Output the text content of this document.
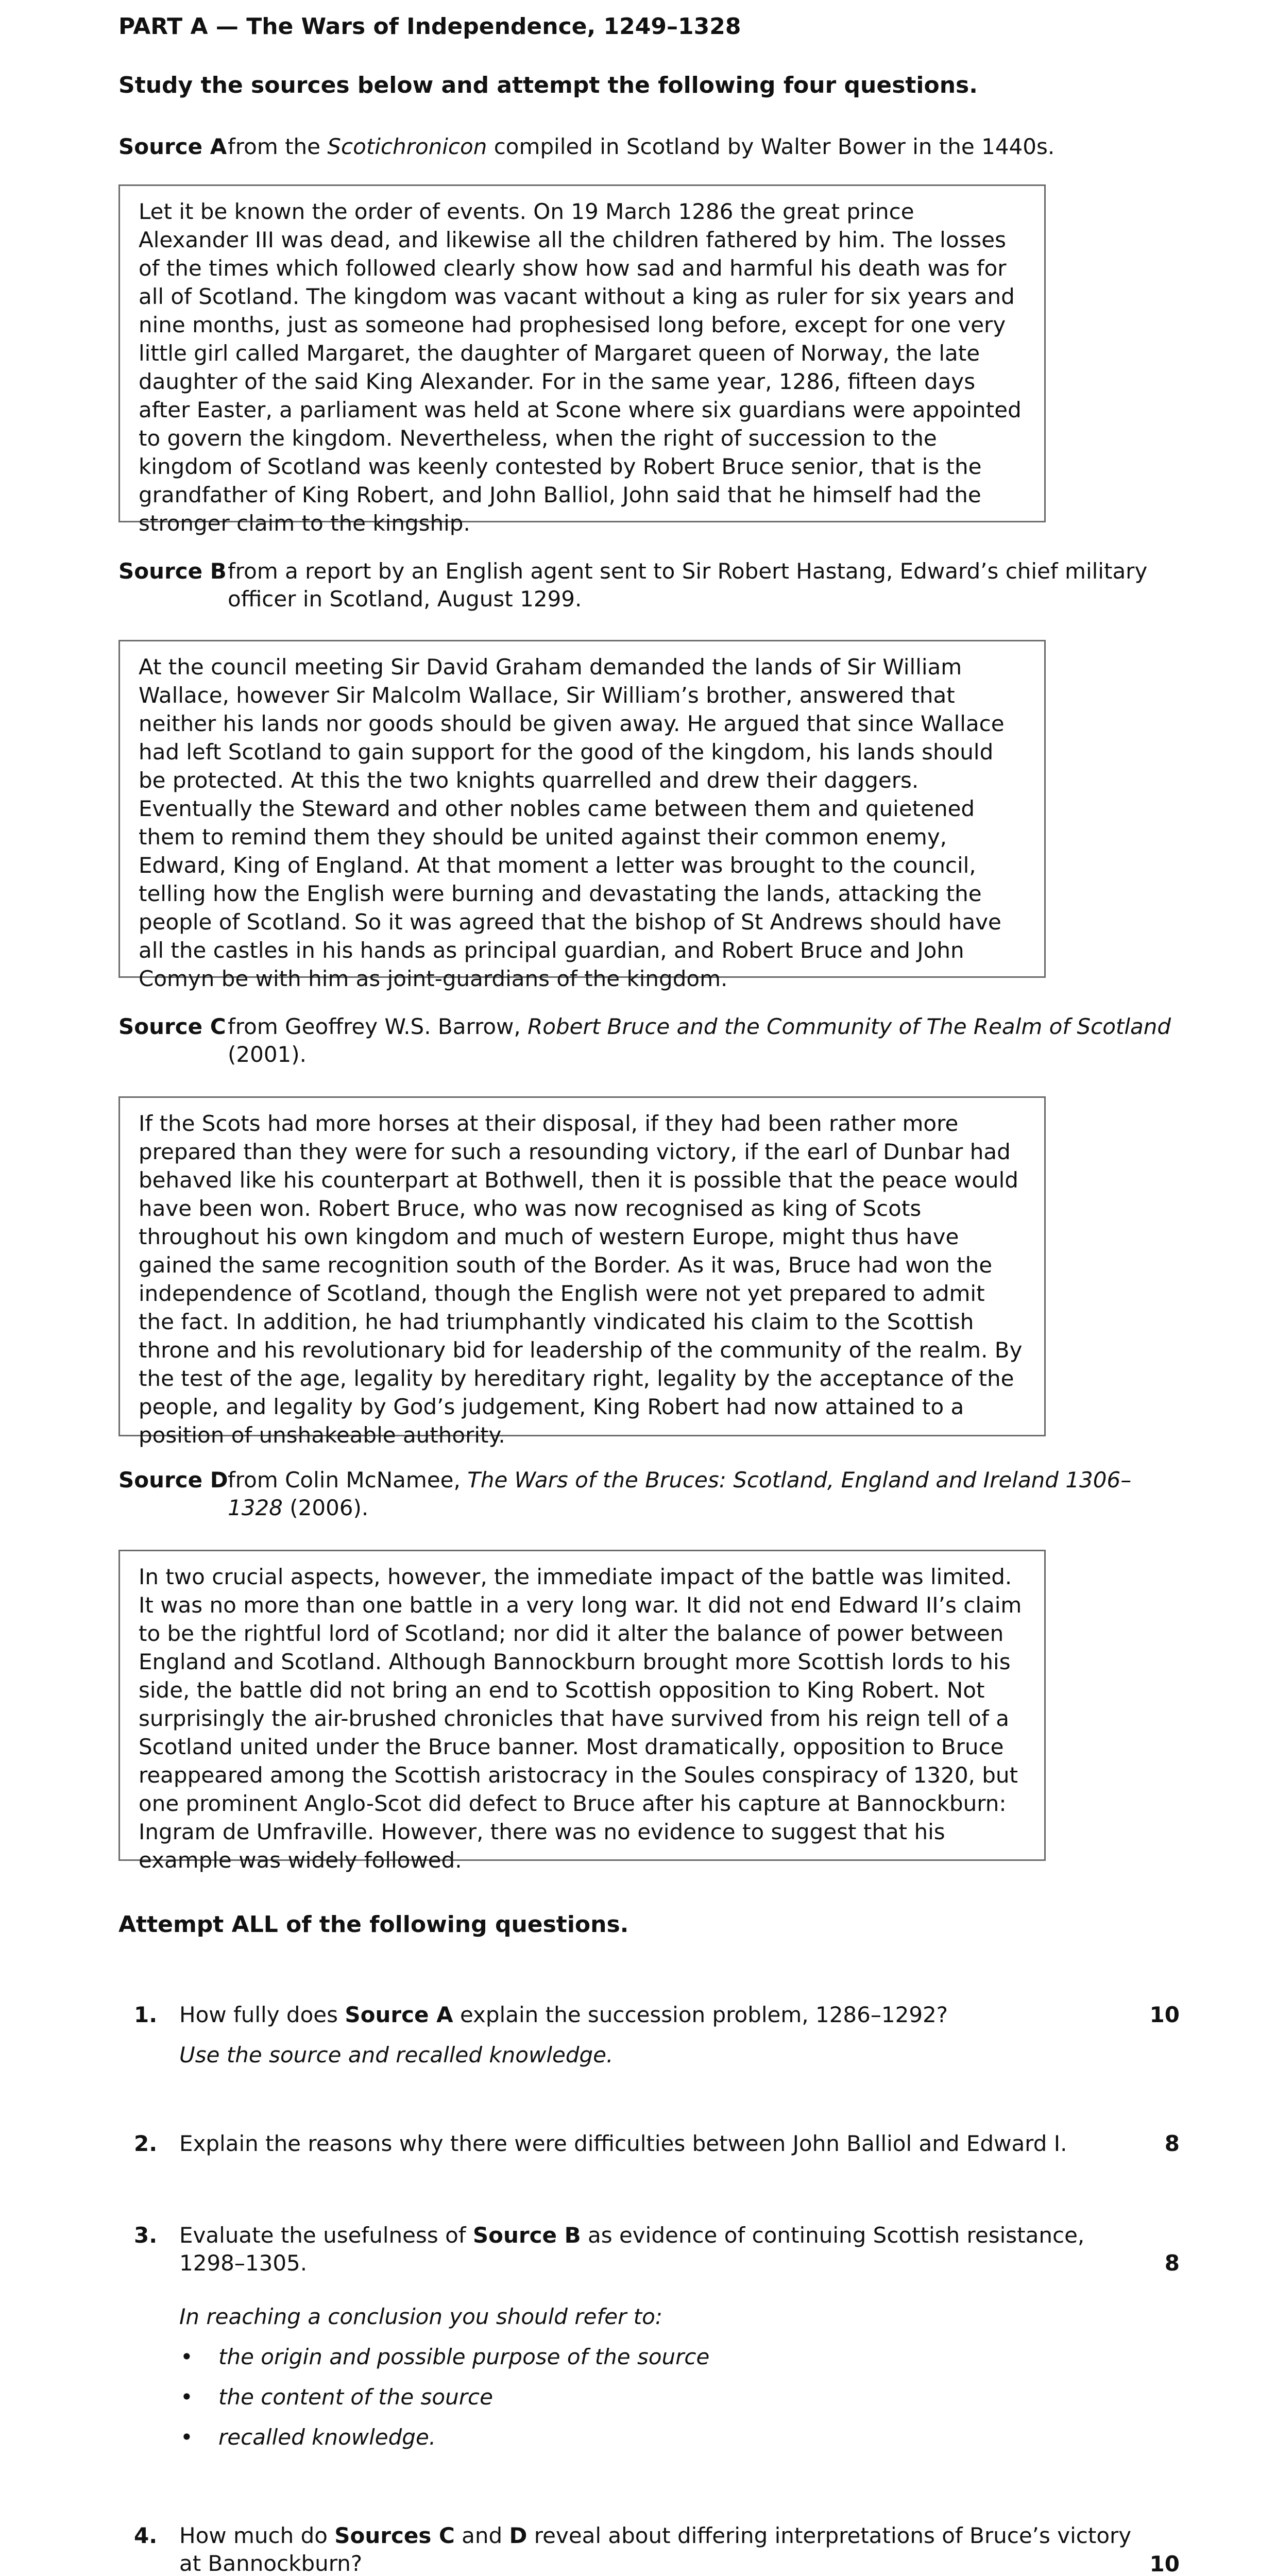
PART A — The Wars of Independence, 1249–1328
Study the sources below and attempt the following four questions.
Source A from the Scotichronicon compiled in Scotland by Walter Bower in the 1440s.
Let it be known the order of events. On 19 March 1286 the great prince Alexander III was dead, and likewise all the children fathered by him. The losses of the times which followed clearly show how sad and harmful his death was for all of Scotland. The kingdom was vacant without a king as ruler for six years and nine months, just as someone had prophesised long before, except for one very little girl called Margaret, the daughter of Margaret queen of Norway, the late daughter of the said King Alexander. For in the same year, 1286, fifteen days after Easter, a parliament was held at Scone where six guardians were appointed to govern the kingdom. Nevertheless, when the right of succession to the kingdom of Scotland was keenly contested by Robert Bruce senior, that is the grandfather of King Robert, and John Balliol, John said that he himself had the stronger claim to the kingship.
Source B from a report by an English agent sent to Sir Robert Hastang, Edward’s chief military officer in Scotland, August 1299.
At the council meeting Sir David Graham demanded the lands of Sir William Wallace, however Sir Malcolm Wallace, Sir William’s brother, answered that neither his lands nor goods should be given away. He argued that since Wallace had left Scotland to gain support for the good of the kingdom, his lands should be protected. At this the two knights quarrelled and drew their daggers. Eventually the Steward and other nobles came between them and quietened them to remind them they should be united against their common enemy, Edward, King of England. At that moment a letter was brought to the council, telling how the English were burning and devastating the lands, attacking the people of Scotland. So it was agreed that the bishop of St Andrews should have all the castles in his hands as principal guardian, and Robert Bruce and John Comyn be with him as joint-guardians of the kingdom.
Source C from Geoffrey W.S. Barrow, Robert Bruce and the Community of The Realm of Scotland (2001).
If the Scots had more horses at their disposal, if they had been rather more prepared than they were for such a resounding victory, if the earl of Dunbar had behaved like his counterpart at Bothwell, then it is possible that the peace would have been won. Robert Bruce, who was now recognised as king of Scots throughout his own kingdom and much of western Europe, might thus have gained the same recognition south of the Border. As it was, Bruce had won the independence of Scotland, though the English were not yet prepared to admit the fact. In addition, he had triumphantly vindicated his claim to the Scottish throne and his revolutionary bid for leadership of the community of the realm. By the test of the age, legality by hereditary right, legality by the acceptance of the people, and legality by God’s judgement, King Robert had now attained to a position of unshakeable authority.
Source D from Colin McNamee, The Wars of the Bruces: Scotland, England and Ireland 1306–1328 (2006).
In two crucial aspects, however, the immediate impact of the battle was limited. It was no more than one battle in a very long war. It did not end Edward II’s claim to be the rightful lord of Scotland; nor did it alter the balance of power between England and Scotland. Although Bannockburn brought more Scottish lords to his side, the battle did not bring an end to Scottish opposition to King Robert. Not surprisingly the air-brushed chronicles that have survived from his reign tell of a Scotland united under the Bruce banner. Most dramatically, opposition to Bruce reappeared among the Scottish aristocracy in the Soules conspiracy of 1320, but one prominent Anglo-Scot did defect to Bruce after his capture at Bannockburn: Ingram de Umfraville. However, there was no evidence to suggest that his example was widely followed.
Attempt ALL of the following questions.
1. How fully does Source A explain the succession problem, 1286–1292?
Use the source and recalled knowledge.
10
2. Explain the reasons why there were difficulties between John Balliol and Edward I.	8
3. Evaluate the usefulness of Source B as evidence of continuing Scottish resistance, 1298–1305.
In reaching a conclusion you should refer to:
• the origin and possible purpose of the source
• the content of the source
• recalled knowledge.
8
4. How much do Sources C and D reveal about differing interpretations of Bruce’s victory at Bannockburn?	10
